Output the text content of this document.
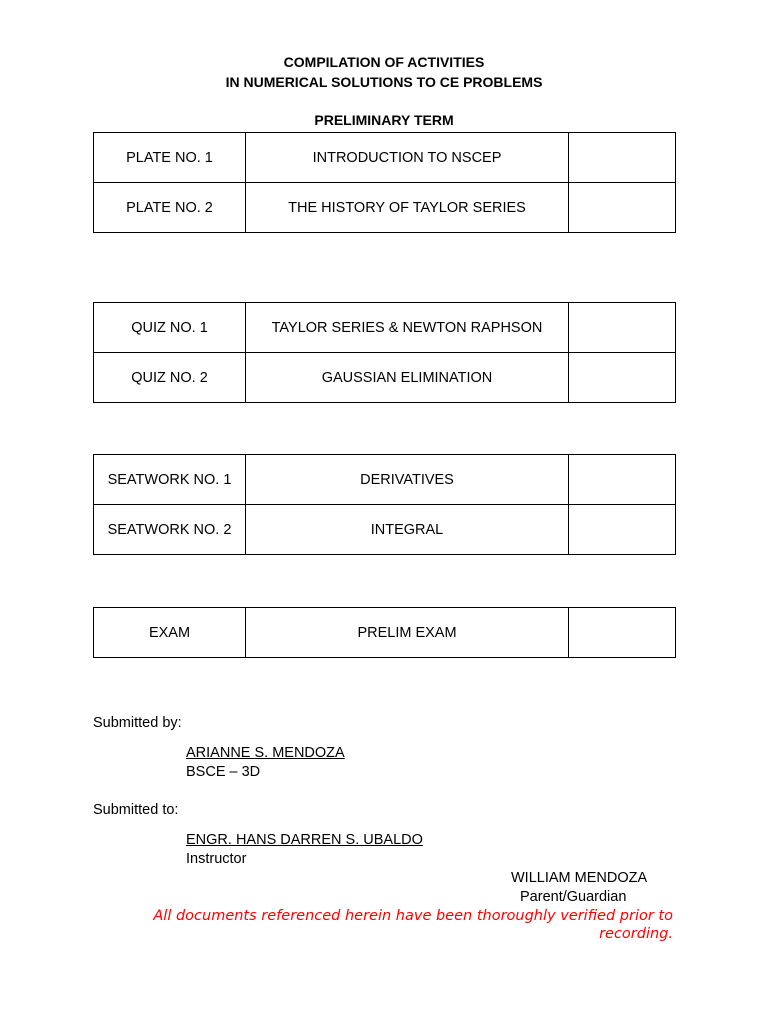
COMPILATION OF ACTIVITIES
IN NUMERICAL SOLUTIONS TO CE PROBLEMS
PRELIMINARY TERM
PLATE NO. 1	INTRODUCTION TO NSCEP	
PLATE NO. 2	THE HISTORY OF TAYLOR SERIES	
QUIZ NO. 1	TAYLOR SERIES & NEWTON RAPHSON	
QUIZ NO. 2	GAUSSIAN ELIMINATION	
SEATWORK NO. 1	DERIVATIVES	
SEATWORK NO. 2	INTEGRAL	
EXAM	PRELIM EXAM	
Submitted by:
ARIANNE S. MENDOZA
BSCE – 3D
Submitted to:
ENGR. HANS DARREN S. UBALDO
Instructor
WILLIAM MENDOZA
Parent/Guardian
All documents referenced herein have been thoroughly verified prior to recording.
